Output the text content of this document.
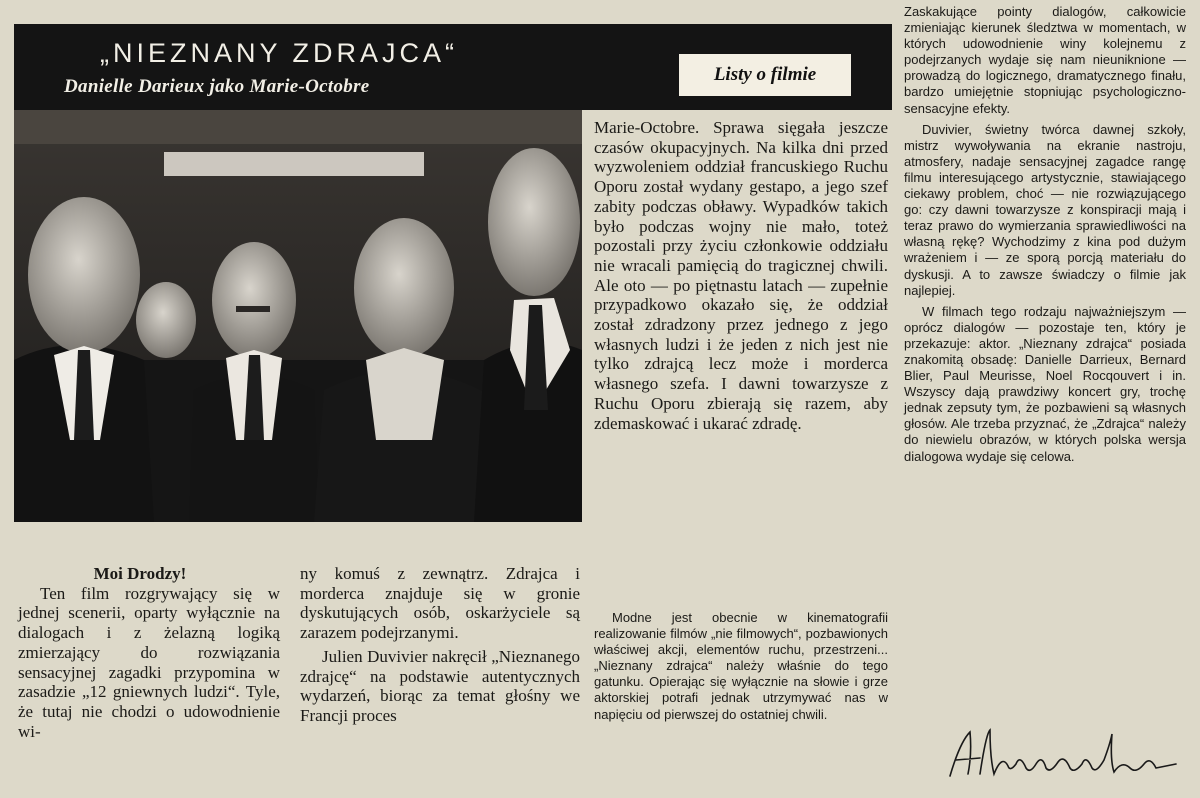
„NIEZNANY ZDRAJCA“
Danielle Darieux jako Marie-Octobre
Listy o filmie

Moi Drodzy!

Ten film rozgrywający się w jednej scenerii, oparty wyłącznie na dialogach i z żelazną logiką zmierzający do rozwiązania sensacyjnej zagadki przypomina w zasadzie „12 gniewnych ludzi“. Tyle, że tutaj nie chodzi o udowodnienie wi-

ny komuś z zewnątrz. Zdrajca i morderca znajduje się w gronie dyskutujących osób, oskarżyciele są zarazem podejrzanymi.

Julien Duvivier nakręcił „Nieznanego zdrajcę“ na podstawie autentycznych wydarzeń, biorąc za temat głośny we Francji proces

Marie-Octobre. Sprawa sięgała jeszcze czasów okupacyjnych. Na kilka dni przed wyzwoleniem oddział francuskiego Ruchu Oporu został wydany gestapo, a jego szef zabity podczas obławy. Wypadków takich było podczas wojny nie mało, toteż pozostali przy życiu członkowie oddziału nie wracali pamięcią do tragicznej chwili. Ale oto — po piętnastu latach — zupełnie przypadkowo okazało się, że oddział został zdradzony przez jednego z jego własnych ludzi i że jeden z nich jest nie tylko zdrajcą lecz może i morderca własnego szefa. I dawni towarzysze z Ruchu Oporu zbierają się razem, aby zdemaskować i ukarać zdradę.

Modne jest obecnie w kinematografii realizowanie filmów „nie filmowych“, pozbawionych właściwej akcji, elementów ruchu, przestrzeni... „Nieznany zdrajca“ należy właśnie do tego gatunku. Opierając się wyłącznie na słowie i grze aktorskiej potrafi jednak utrzymywać nas w napięciu od pierwszej do ostatniej chwili.

Zaskakujące pointy dialogów, całkowicie zmieniając kierunek śledztwa w momentach, w których udowodnienie winy kolejnemu z podejrzanych wydaje się nam nieuniknione — prowadzą do logicznego, dramatycznego finału, bardzo umiejętnie stopniując psychologiczno-sensacyjne efekty.

Duvivier, świetny twórca dawnej szkoły, mistrz wywoływania na ekranie nastroju, atmosfery, nadaje sensacyjnej zagadce rangę filmu interesującego artystycznie, stawiającego ciekawy problem, choć — nie rozwiązującego go: czy dawni towarzysze z konspiracji mają i teraz prawo do wymierzania sprawiedliwości na własną rękę? Wychodzimy z kina pod dużym wrażeniem i — ze sporą porcją materiału do dyskusji. A to zawsze świadczy o filmie jak najlepiej.

W filmach tego rodzaju najważniejszym — oprócz dialogów — pozostaje ten, który je przekazuje: aktor. „Nieznany zdrajca“ posiada znakomitą obsadę: Danielle Darrieux, Bernard Blier, Paul Meurisse, Noel Rocqouvert i in. Wszyscy dają prawdziwy koncert gry, trochę jednak zepsuty tym, że pozbawieni są własnych głosów. Ale trzeba przyznać, że „Zdrajca“ należy do niewielu obrazów, w których polska wersja dialogowa wydaje się celowa.
